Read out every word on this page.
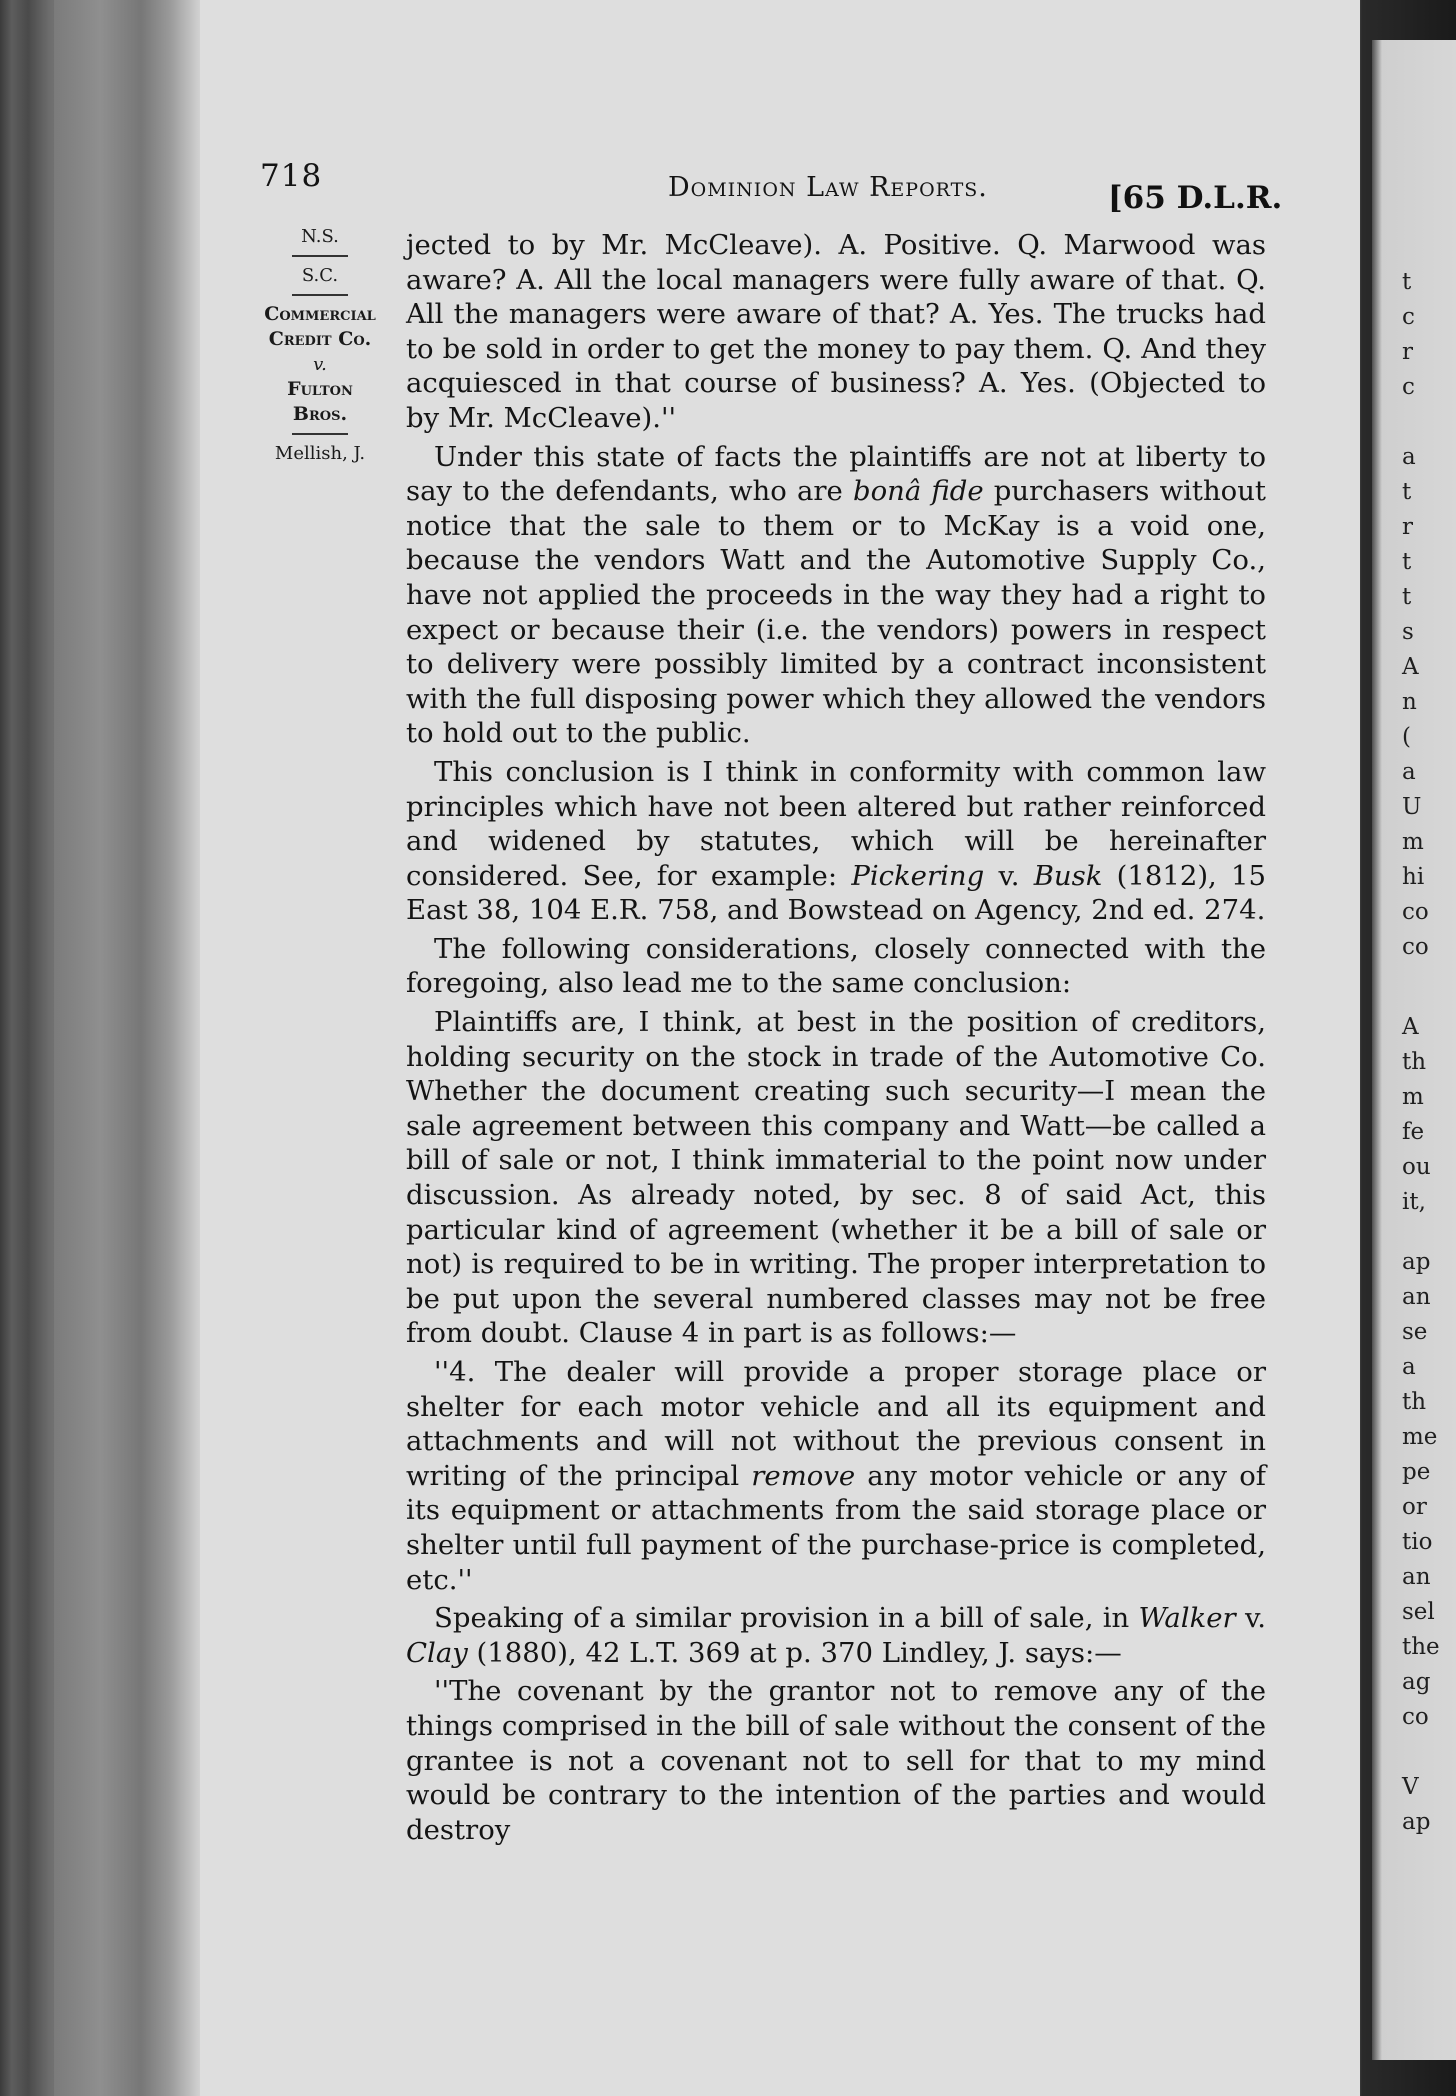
t
c
r
c
a
t
r
t
t
s
A
n
(
a
U
m
hi
co
co
A
th
m
fe
ou
it,
ap
an
se
a
th
me
pe
or
tio
an
sel
the
ag
co
V
ap
718	Dominion Law Reports.	[65 D.L.R.
N.S.
S.C.
Commercial
Credit Co.
v.
Fulton
Bros.
Mellish, J.

jected to by Mr. McCleave). A. Positive. Q. Marwood was aware? A. All the local managers were fully aware of that. Q. All the managers were aware of that? A. Yes. The trucks had to be sold in order to get the money to pay them. Q. And they acquiesced in that course of business? A. Yes. (Objected to by Mr. McCleave).''

Under this state of facts the plaintiffs are not at liberty to say to the defendants, who are bonâ fide purchasers without notice that the sale to them or to McKay is a void one, because the vendors Watt and the Automotive Supply Co., have not applied the proceeds in the way they had a right to expect or because their (i.e. the vendors) powers in respect to delivery were possibly limited by a contract inconsistent with the full disposing power which they allowed the vendors to hold out to the public.

This conclusion is I think in conformity with common law principles which have not been altered but rather reinforced and widened by statutes, which will be hereinafter considered. See, for example: Pickering v. Busk (1812), 15 East 38, 104 E.R. 758, and Bowstead on Agency, 2nd ed. 274.

The following considerations, closely connected with the foregoing, also lead me to the same conclusion:

Plaintiffs are, I think, at best in the position of creditors, holding security on the stock in trade of the Automotive Co. Whether the document creating such security—I mean the sale agreement between this company and Watt—be called a bill of sale or not, I think immaterial to the point now under discussion. As already noted, by sec. 8 of said Act, this particular kind of agreement (whether it be a bill of sale or not) is required to be in writing. The proper interpretation to be put upon the several numbered classes may not be free from doubt. Clause 4 in part is as follows:—

''4. The dealer will provide a proper storage place or shelter for each motor vehicle and all its equipment and attachments and will not without the previous consent in writing of the principal remove any motor vehicle or any of its equipment or attachments from the said storage place or shelter until full payment of the purchase-price is completed, etc.''

Speaking of a similar provision in a bill of sale, in Walker v. Clay (1880), 42 L.T. 369 at p. 370 Lindley, J. says:—

''The covenant by the grantor not to remove any of the things comprised in the bill of sale without the consent of the grantee is not a covenant not to sell for that to my mind would be contrary to the intention of the parties and would destroy
